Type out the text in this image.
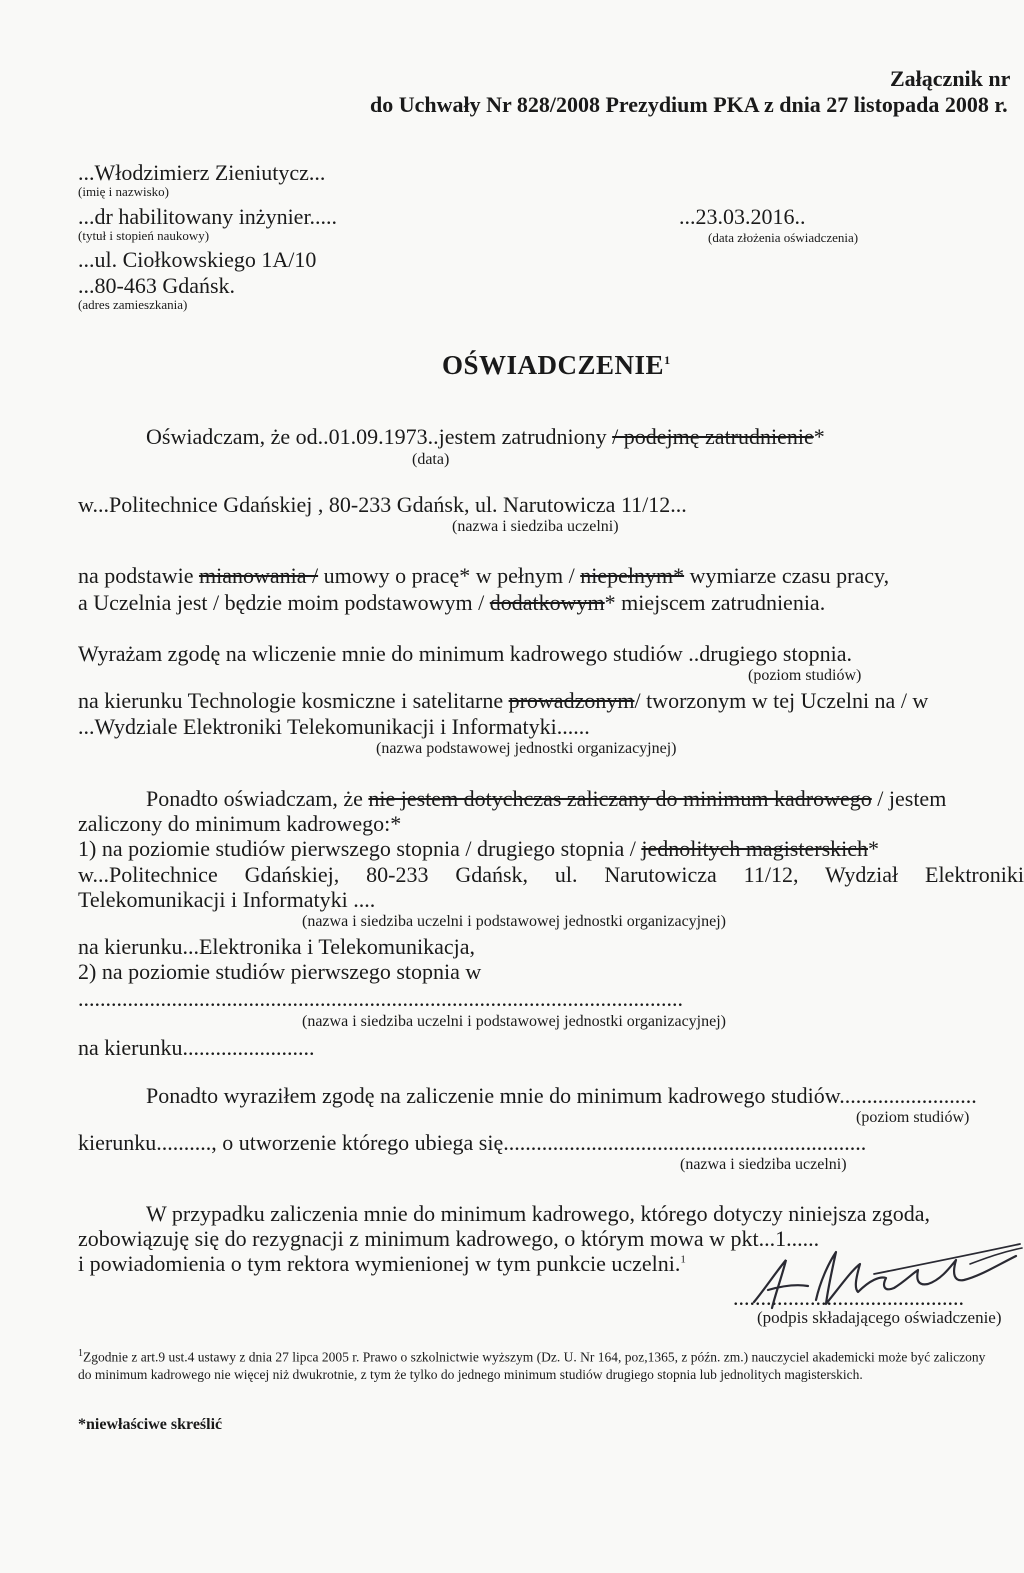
Załącznik nr
do Uchwały Nr 828/2008 Prezydium PKA z dnia 27 listopada 2008 r.
...Włodzimierz Zieniutycz...
(imię i nazwisko)
...dr habilitowany inżynier.....
(tytuł i stopień naukowy)
...ul. Ciołkowskiego 1A/10
...80-463 Gdańsk.
(adres zamieszkania)
...23.03.2016..
(data złożenia oświadczenia)
OŚWIADCZENIE$^1$
Oświadczam, że od..01.09.1973..jestem zatrudniony / podejmę zatrudnienie*
(data)
w...Politechnice Gdańskiej , 80-233 Gdańsk, ul. Narutowicza 11/12...
(nazwa i siedziba uczelni)
na podstawie mianowania / umowy o pracę* w pełnym / niepełnym* wymiarze czasu pracy,
a Uczelnia jest / będzie moim podstawowym / dodatkowym* miejscem zatrudnienia.
Wyrażam zgodę na wliczenie mnie do minimum kadrowego studiów ..drugiego stopnia.
(poziom studiów)
na kierunku Technologie kosmiczne i satelitarne prowadzonym/ tworzonym w tej Uczelni na / w
...Wydziale Elektroniki Telekomunikacji i Informatyki......
(nazwa podstawowej jednostki organizacyjnej)
Ponadto oświadczam, że nie jestem dotychczas zaliczany do minimum kadrowego / jestem
zaliczony do minimum kadrowego:*
1) na poziomie studiów pierwszego stopnia / drugiego stopnia / jednolitych magisterskich*
w...Politechnice Gdańskiej, 80-233 Gdańsk, ul. Narutowicza 11/12, Wydział Elektroniki
Telekomunikacji i Informatyki ....
(nazwa i siedziba uczelni i podstawowej jednostki organizacyjnej)
na kierunku...Elektronika i Telekomunikacja,
2) na poziomie studiów pierwszego stopnia w
..............................................................................................................
(nazwa i siedziba uczelni i podstawowej jednostki organizacyjnej)
na kierunku........................
Ponadto wyraziłem zgodę na zaliczenie mnie do minimum kadrowego studiów.........................
(poziom studiów)
kierunku.........., o utworzenie którego ubiega się..................................................................
(nazwa i siedziba uczelni)
W przypadku zaliczenia mnie do minimum kadrowego, którego dotyczy niniejsza zgoda,
zobowiązuję się do rezygnacji z minimum kadrowego, o którym mowa w pkt...1......
i powiadomienia o tym rektora wymienionej w tym punkcie uczelni.$^1$
..........................................
(podpis składającego oświadczenie)
$^1$Zgodnie z art.9 ust.4 ustawy z dnia 27 lipca 2005 r. Prawo o szkolnictwie wyższym (Dz. U. Nr 164, poz,1365, z późn. zm.) nauczyciel akademicki może być zaliczony do minimum kadrowego nie więcej niż dwukrotnie, z tym że tylko do jednego minimum studiów drugiego stopnia lub jednolitych magisterskich.
*niewłaściwe skreślić
